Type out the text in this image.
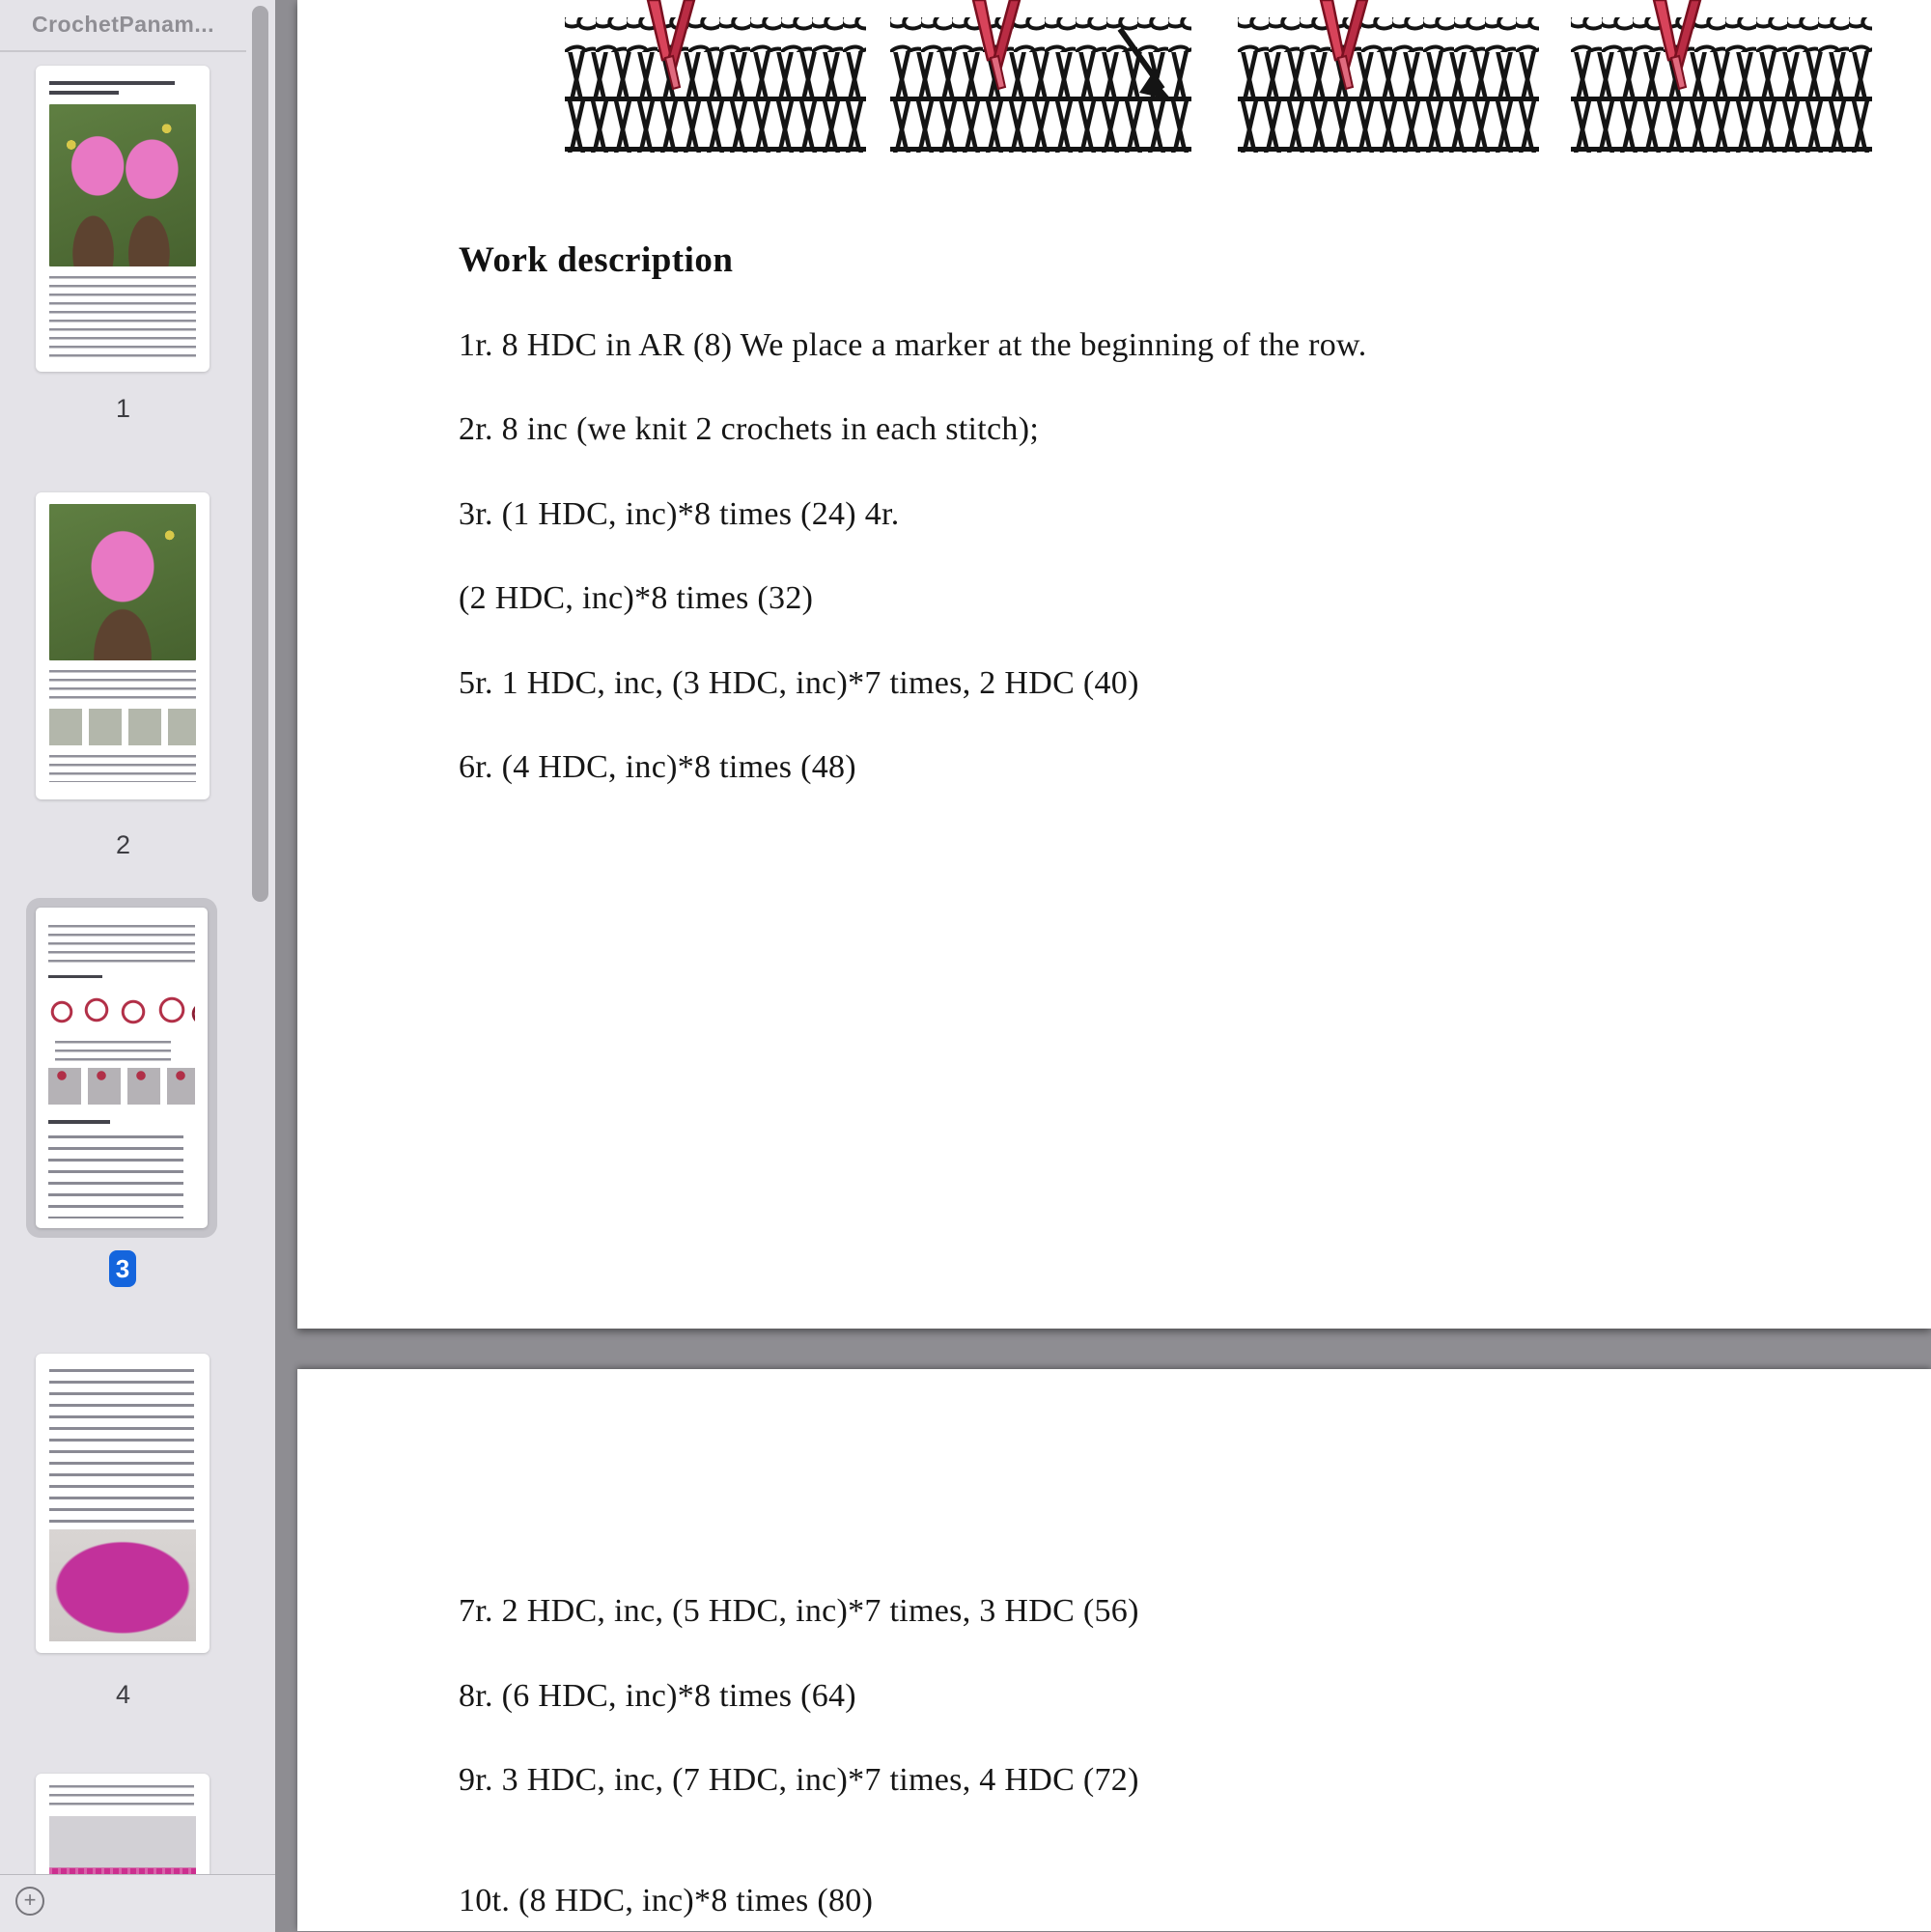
Work description
1r. 8 HDC in AR (8) We place a marker at the beginning of the row.
2r. 8 inc (we knit 2 crochets in each stitch);
3r. (1 HDC, inc)*8 times (24) 4r.
(2 HDC, inc)*8 times (32)
5r. 1 HDC, inc, (3 HDC, inc)*7 times, 2 HDC (40)
6r. (4 HDC, inc)*8 times (48)
7r. 2 HDC, inc, (5 HDC, inc)*7 times, 3 HDC (56)
8r. (6 HDC, inc)*8 times (64)
9r. 3 HDC, inc, (7 HDC, inc)*7 times, 4 HDC (72)
10t. (8 HDC, inc)*8 times (80)
CrochetPanam...
1
2
3
4
+
